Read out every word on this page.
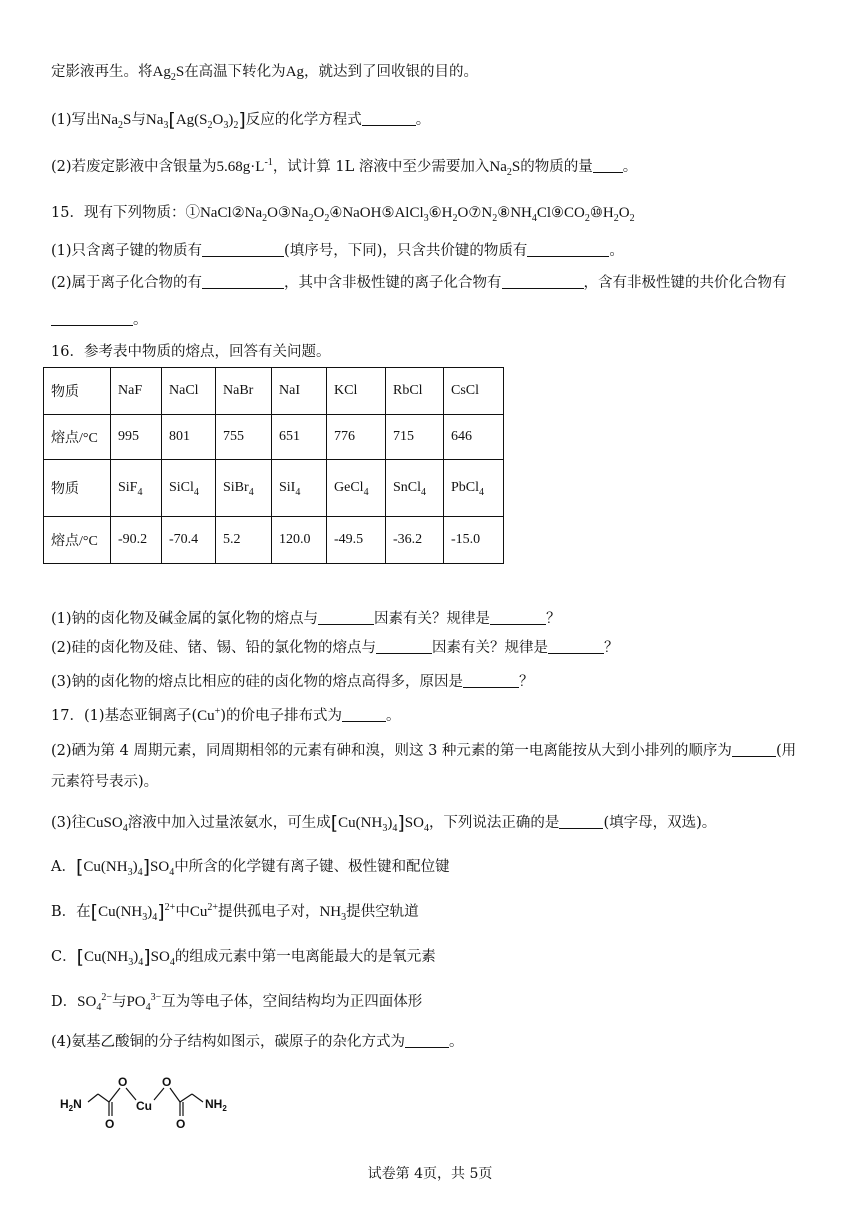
定影液再生。将$Ag_2S$在高温下转化为Ag，就达到了回收银的目的。
(1)写出$Na_2S$与$Na_3[Ag(S_2O_3)_2]$反应的化学方程式	。
(2)若废定影液中含银量为$5.68g\cdot L^{-1}$，试计算 1L 溶液中至少需要加入$Na_2S$的物质的量 。
15．现有下列物质：$①NaCl②Na_2O③Na_2O_2④NaOH⑤AlCl_3⑥H_2O⑦N_2⑧NH_4Cl⑨CO_2⑩H_2O_2$
(1)只含离子键的物质有	(填序号，下同)，只含共价键的物质有	。
(2)属于离子化合物的有	，其中含非极性键的离子化合物有	，含有非极性键的共价化合物有
。
16．参考表中物质的熔点，回答有关问题。
物质	NaF	NaCl	NaBr	NaI	KCl	RbCl	CsCl
熔点/°C	995	801	755	651	776	715	646
物质	SiF$_4$	SiCl$_4$	SiBr$_4$	SiI$_4$	GeCl$_4$	SnCl$_4$	PbCl$_4$
熔点/°C	-90.2	-70.4	5.2	120.0	-49.5	-36.2	-15.0
(1)钠的卤化物及碱金属的氯化物的熔点与	因素有关？规律是	？
(2)硅的卤化物及硅、锗、锡、铅的氯化物的熔点与	因素有关？规律是	？
(3)钠的卤化物的熔点比相应的硅的卤化物的熔点高得多，原因是	？
17．(1)基态亚铜离子(Cu+)的价电子排布式为	。
(2)硒为第 4 周期元素，同周期相邻的元素有砷和溴，则这 3 种元素的第一电离能按从大到小排列的顺序为	(用
元素符号表示)。
(3)往CuSO$_4$溶液中加入过量浓氨水，可生成$[Cu(NH_3)_4]SO_4$，下列说法正确的是	(填字母，双选)。
A．$[Cu(NH_3)_4]SO_4$中所含的化学键有离子键、极性键和配位键
B．在$[Cu(NH_3)_4]^{2+}$中$Cu^{2+}$提供孤电子对，$NH_3$提供空轨道
C．$[Cu(NH_3)_4]SO_4$的组成元素中第一电离能最大的是氧元素
D．$SO_4^{2-}$与$PO_4^{3-}$互为等电子体，空间结构均为正四面体形
(4)氨基乙酸铜的分子结构如图示，碳原子的杂化方式为	。
$H_2N$
O
O
Cu
O
O
$NH_2$
试卷第 4页，共 5页
